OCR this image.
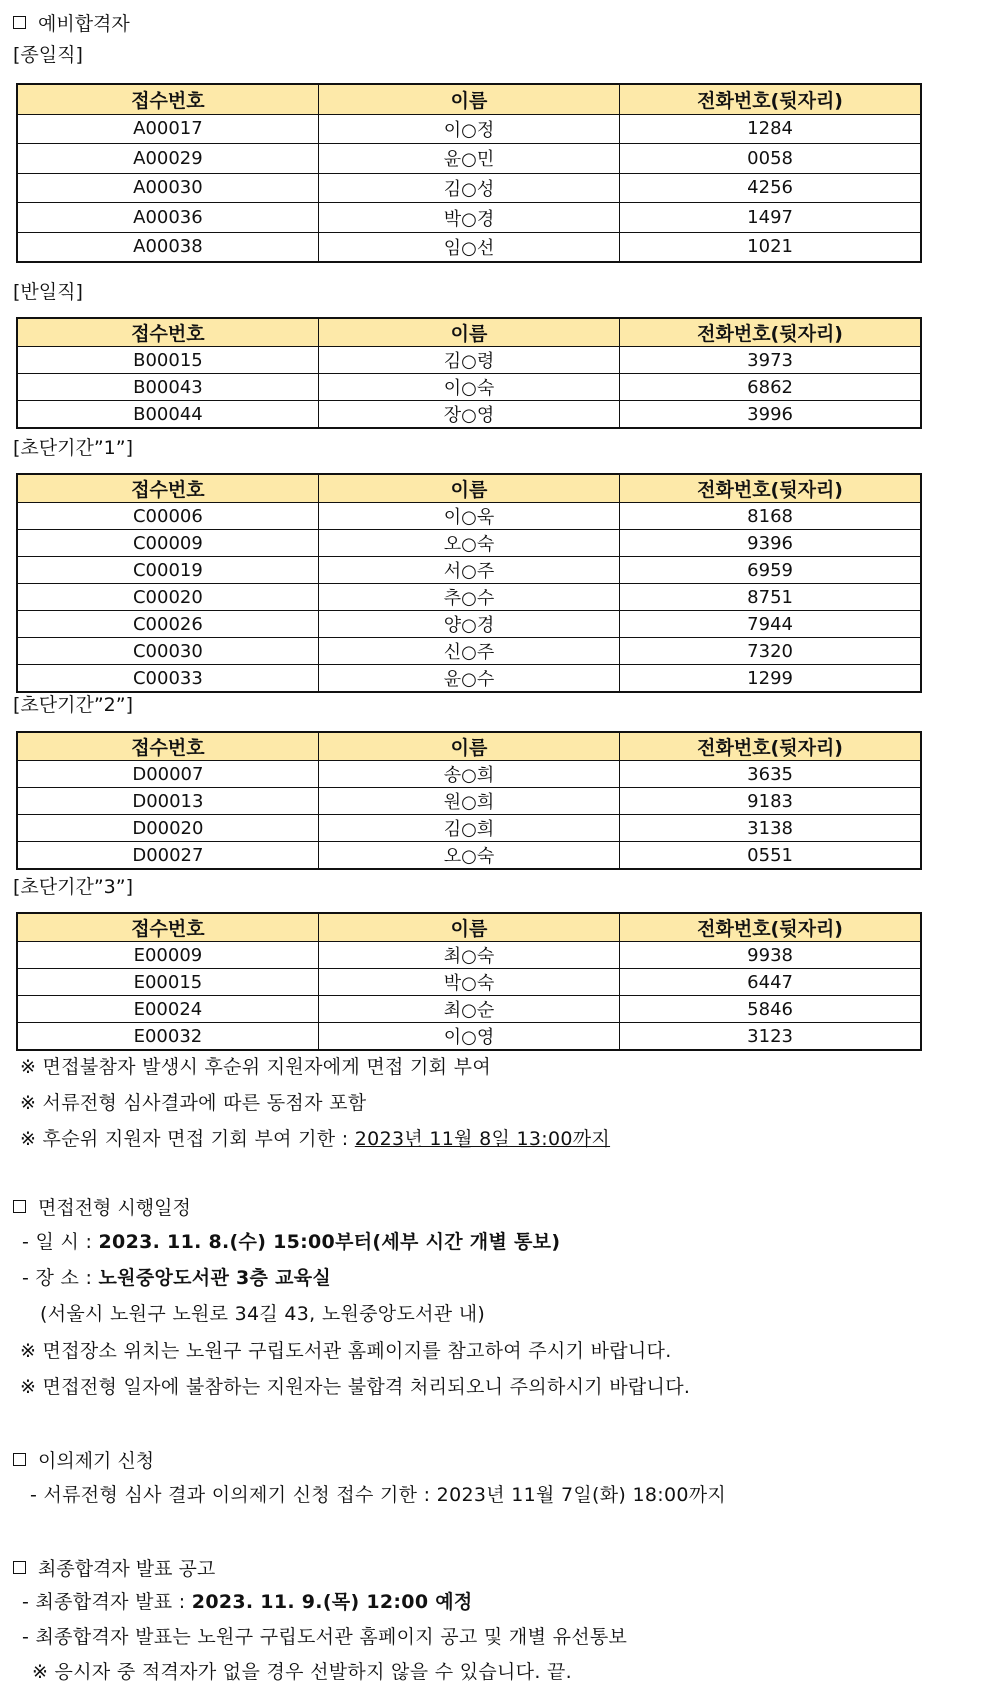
예비합격자
[종일직]
접수번호	이름	전화번호(뒷자리)
A00017	이○정	1284
A00029	윤○민	0058
A00030	김○성	4256
A00036	박○경	1497
A00038	임○선	1021
[반일직]
접수번호	이름	전화번호(뒷자리)
B00015	김○령	3973
B00043	이○숙	6862
B00044	장○영	3996
[초단기간”1”]
접수번호	이름	전화번호(뒷자리)
C00006	이○욱	8168
C00009	오○숙	9396
C00019	서○주	6959
C00020	추○수	8751
C00026	양○경	7944
C00030	신○주	7320
C00033	윤○수	1299
[초단기간”2”]
접수번호	이름	전화번호(뒷자리)
D00007	송○희	3635
D00013	원○희	9183
D00020	김○희	3138
D00027	오○숙	0551
[초단기간”3”]
접수번호	이름	전화번호(뒷자리)
E00009	최○숙	9938
E00015	박○숙	6447
E00024	최○순	5846
E00032	이○영	3123
※ 면접불참자 발생시 후순위 지원자에게 면접 기회 부여
※ 서류전형 심사결과에 따른 동점자 포함
※ 후순위 지원자 면접 기회 부여 기한 : 2023년 11월 8일 13:00까지
면접전형 시행일정
- 일 시 : 2023. 11. 8.(수) 15:00부터(세부 시간 개별 통보)
- 장 소 : 노원중앙도서관 3층 교육실
(서울시 노원구 노원로 34길 43, 노원중앙도서관 내)
※ 면접장소 위치는 노원구 구립도서관 홈페이지를 참고하여 주시기 바랍니다.
※ 면접전형 일자에 불참하는 지원자는 불합격 처리되오니 주의하시기 바랍니다.
이의제기 신청
- 서류전형 심사 결과 이의제기 신청 접수 기한 : 2023년 11월 7일(화) 18:00까지
최종합격자 발표 공고
- 최종합격자 발표 : 2023. 11. 9.(목) 12:00 예정
- 최종합격자 발표는 노원구 구립도서관 홈페이지 공고 및 개별 유선통보
※ 응시자 중 적격자가 없을 경우 선발하지 않을 수 있습니다. 끝.
